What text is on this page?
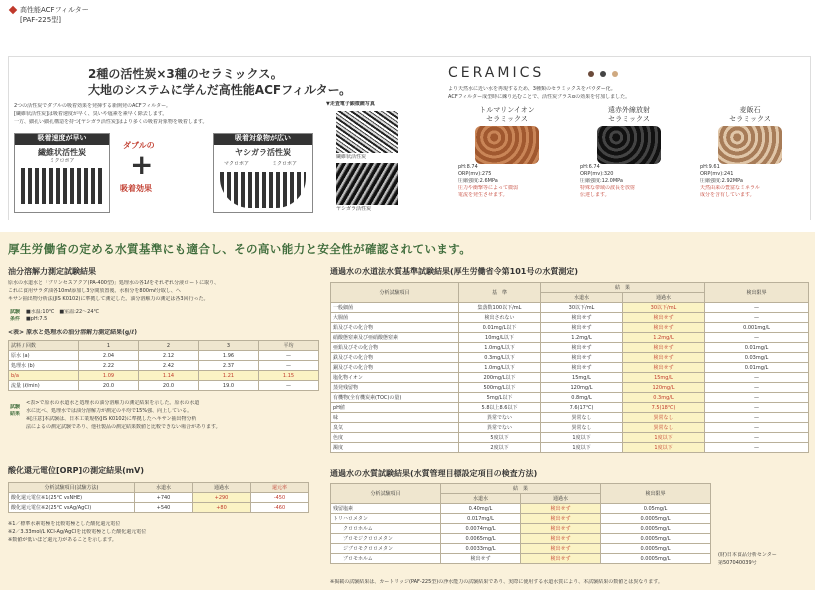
高性能ACFフィルター
[PAF-225型]
2種の活性炭×3種のセラミックス。
大地のシステムに学んだ高性能ACFフィルター。
2つの活性炭でダブルの吸着効果を発揮する新開発のACFフィルター。
[繊維状活性炭]は吸着速度が早く、臭いや塩素を素早く除去します。
一方、細孔い細孔構造を持つ[ヤシガラ活性炭]はより多くの吸着対象物を吸着します。
吸着速度が早い
繊維状活性炭
ミクロポア
ダブルの
+
吸着効果
吸着対象物が広い
ヤシガラ活性炭
マクロポア	ミクロポア
▼走査電子顕微鏡写真
繊維状活性炭
ヤシガラ活性炭
CERAMICS
より天然水に近い水を再現するため、3種類のセラミックスをパウダー化。
ACFフィルター成型時に練り込むことで、活性炭プラスαの効果を付加しました。
トルマリンイオン
セラミックス
pH:8.74
ORP(mv):275
圧縮強度:2.6MPa
圧力や衝撃等によって微弱
電流を発生させます。
遠赤外線放射
セラミックス
pH:6.74
ORP(mv):320
圧縮強度:12.0MPa
特殊な帯域の波長を放射
伝達します。
麦飯石
セラミックス
pH:9.61
ORP(mv):241
圧縮強度:2.92MPa
天然由来の豊富なミネラル
成分を含有しています。
厚生労働省の定める水質基準にも適合し、その高い能力と安全性が確認されています。
油分溶解力測定試験結果
原水の水道水と「プリンセスアクア(PA-400型)」処理水の各1ℓをそれぞれ分液ロートに取り、
これに食用サラダ油各10mℓ添加し3分間放置後、水相分を800mℓ分取し、へ
キサン抽出物分析法(JIS K0102)に準拠して測定した。油分溶解力の測定は各3回行った。
試験
条件
■水温:10℃　■室温:22～24℃
■pH:7.5
<表> 原水と処理水の油分溶解力測定結果(g/ℓ)
試料 / 回数	1	2	3	平均
原水 (a)	2.04	2.12	1.96	—
処理水 (b)	2.22	2.42	2.37	—
b/a	1.09	1.14	1.21	1.15
流量 (ℓ/min)	20.0	20.0	19.0	—
試験
結果
<表>で原水の水道水と処理水の油分溶解力の測定結果を示した。原水の水道
水に比べ、処理水では油分溶解力が測定の平均で15%強、向上している。
※[注意]本試験は、日本工業規格(JIS K0102)に準拠したヘキサン抽出物分析
法によるの測定試験であり、他社製品の測定結果数値と比較できない場合があります。
酸化還元電位[ORP]の測定結果(mV)
分析試験項目(試験方法)	水道水	通過水	還元率
酸化還元電位※1(25℃ vsNHE)	+740	+290	-450
酸化還元電位※2(25℃ vsAg/AgCl)	+540	+80	-460
※1／標準水素電極を比較電極とした酸化還元電位
※2／3.33mol/L KCl-Ag/AgClを比較電極とした酸化還元電位
※数値が低いほど還元力があることを示します。
通過水の水道法水質基準試験結果(厚生労働省令第101号の水質測定)
分析試験項目	基　準	結　果		検出限界
		水道水	通過水	
一般細菌	集落数100以下/mL	30以下/mL	30以下/mL	—
大腸菌	検出されない	検出せず	検出せず	—
鉛及びその化合物	0.01mg/L以下	検出せず	検出せず	0.001mg/L
硝酸態窒素及び亜硝酸態窒素	10mg/L以下	1.2mg/L	1.2mg/L	—
亜鉛及びその化合物	1.0mg/L以下	検出せず	検出せず	0.01mg/L
鉄及びその化合物	0.3mg/L以下	検出せず	検出せず	0.03mg/L
銅及びその化合物	1.0mg/L以下	検出せず	検出せず	0.01mg/L
塩化物イオン	200mg/L以下	15mg/L	15mg/L	—
蒸発残留物	500mg/L以下	120mg/L	120mg/L	—
有機物(全有機炭素(TOC)の量)	5mg/L以下	0.8mg/L	0.3mg/L	—
pH値	5.8以上8.6以下	7.6(17℃)	7.5(18℃)	—
味	異常でない	異常なし	異常なし	—
臭気	異常でない	異常なし	異常なし	—
色度	5度以下	1度以下	1度以下	—
濁度	2度以下	1度以下	1度以下	—
通過水の水質試験結果(水質管理目標設定項目の検査方法)
分析試験項目	結　果		検出限界
	水道水	通過水	
残留塩素	0.40mg/L	検出せず	0.05mg/L
トリハロメタン	0.017mg/L	検出せず	0.0005mg/L
クロロホルム	0.0074mg/L	検出せず	0.0005mg/L
ブロモジクロロメタン	0.0065mg/L	検出せず	0.0005mg/L
ジブロモクロロメタン	0.0033mg/L	検出せず	0.0005mg/L
ブロモホルム	検出せず	検出せず	0.0005mg/L
(財)日本食品分析センター
第507040039号
※掲載の試験結果は、カートリッジ(PAF-225型)の浄水能力の試験結果であり、実際に使用する水道水質により、本試験結果の数値とは異なります。
